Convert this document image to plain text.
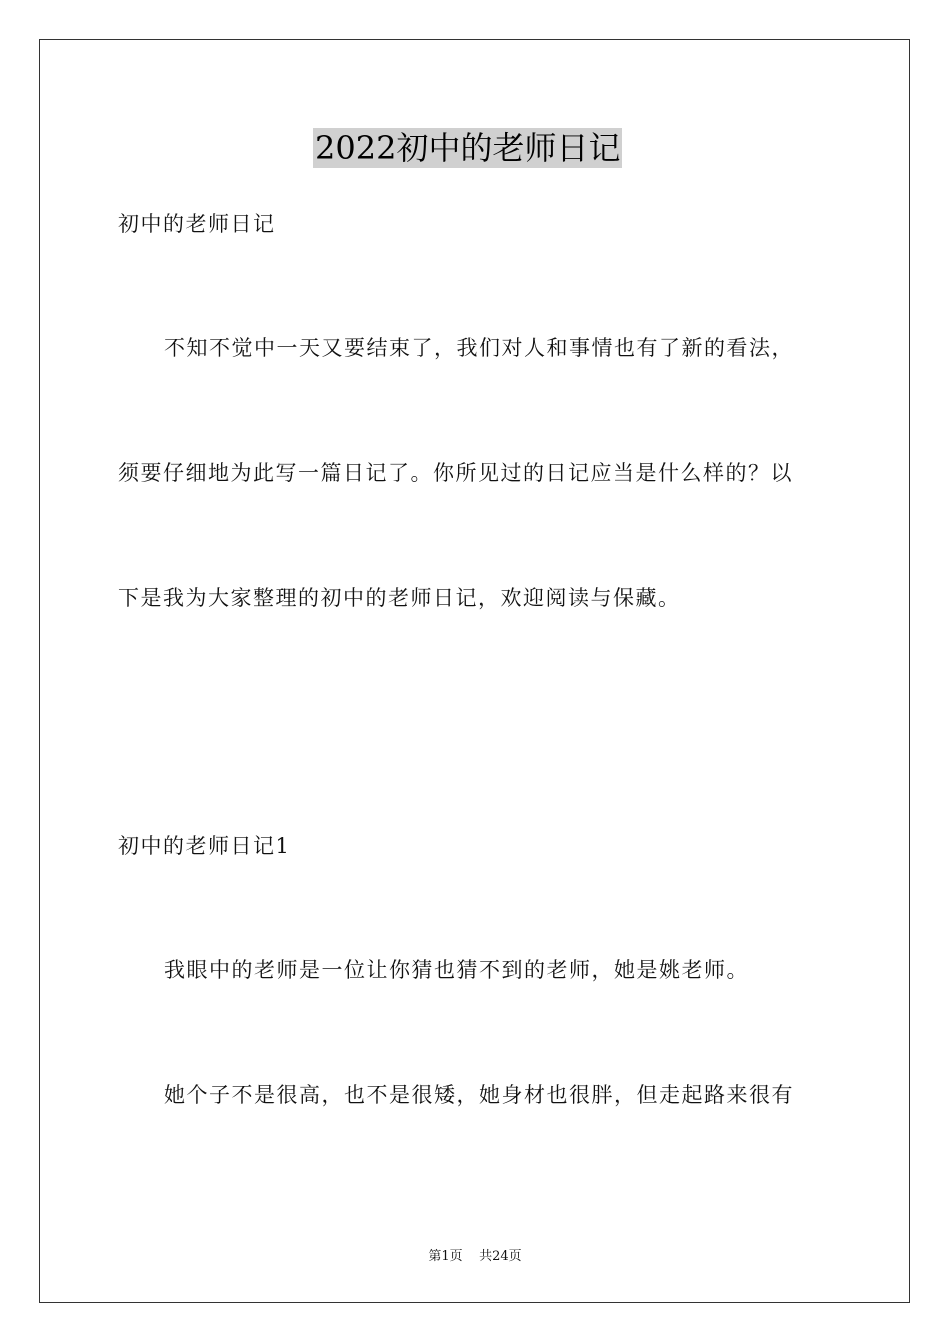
2022初中的老师日记
初中的老师日记
不知不觉中一天又要结束了，我们对人和事情也有了新的看法，
须要仔细地为此写一篇日记了。你所见过的日记应当是什么样的？以
下是我为大家整理的初中的老师日记，欢迎阅读与保藏。
初中的老师日记1
我眼中的老师是一位让你猜也猜不到的老师，她是姚老师。
她个子不是很高，也不是很矮，她身材也很胖，但走起路来很有
第1页 共24页
